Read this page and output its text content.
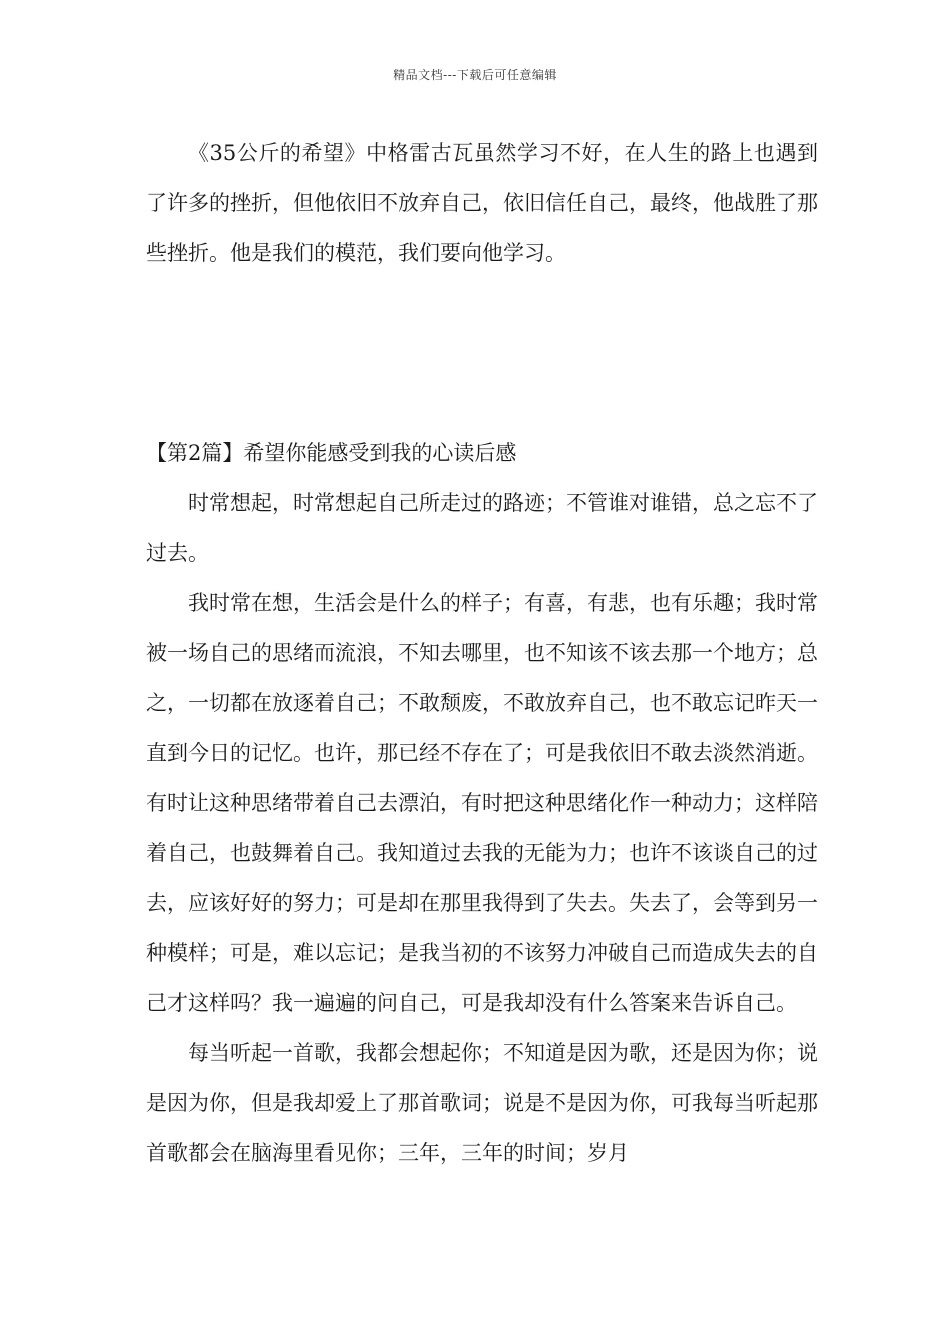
精品文档---下载后可任意编辑

《35公斤的希望》中格雷古瓦虽然学习不好，在人生的路上也遇到了许多的挫折，但他依旧不放弃自己，依旧信任自己，最终，他战胜了那些挫折。他是我们的模范，我们要向他学习。

【第2篇】希望你能感受到我的心读后感

时常想起，时常想起自己所走过的路迹；不管谁对谁错，总之忘不了过去。

我时常在想，生活会是什么的样子；有喜，有悲，也有乐趣；我时常被一场自己的思绪而流浪，不知去哪里，也不知该不该去那一个地方；总之，一切都在放逐着自己；不敢颓废，不敢放弃自己，也不敢忘记昨天一直到今日的记忆。也许，那已经不存在了；可是我依旧不敢去淡然消逝。有时让这种思绪带着自己去漂泊，有时把这种思绪化作一种动力；这样陪着自己，也鼓舞着自己。我知道过去我的无能为力；也许不该谈自己的过去，应该好好的努力；可是却在那里我得到了失去。失去了，会等到另一种模样；可是，难以忘记；是我当初的不该努力冲破自己而造成失去的自己才这样吗？我一遍遍的问自己，可是我却没有什么答案来告诉自己。

每当听起一首歌，我都会想起你；不知道是因为歌，还是因为你；说是因为你，但是我却爱上了那首歌词；说是不是因为你，可我每当听起那首歌都会在脑海里看见你；三年，三年的时间；岁月
